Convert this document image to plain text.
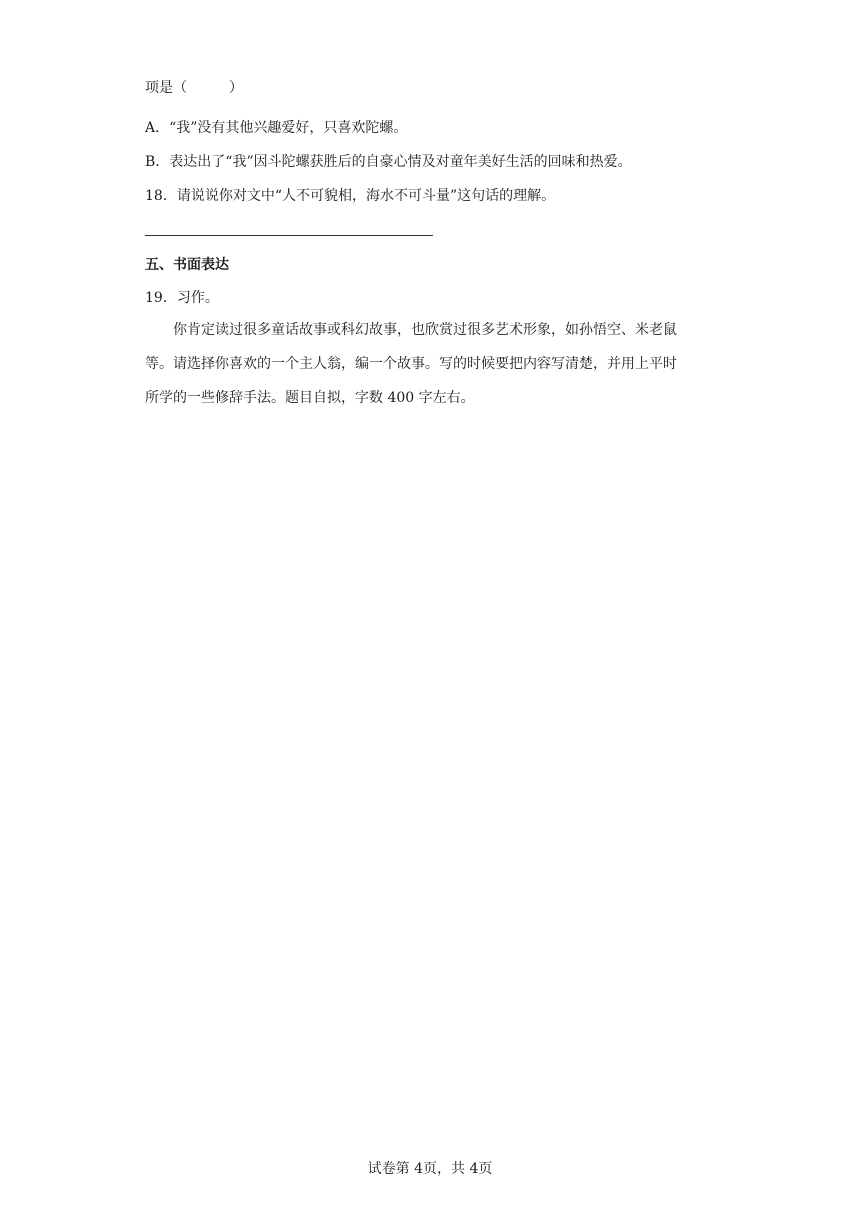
项是（　　　）
A．“我”没有其他兴趣爱好，只喜欢陀螺。
B．表达出了“我”因斗陀螺获胜后的自豪心情及对童年美好生活的回味和热爱。
18．请说说你对文中“人不可貌相，海水不可斗量”这句话的理解。
五、书面表达
19．习作。
　　你肯定读过很多童话故事或科幻故事，也欣赏过很多艺术形象，如孙悟空、米老鼠
等。请选择你喜欢的一个主人翁，编一个故事。写的时候要把内容写清楚，并用上平时
所学的一些修辞手法。题目自拟，字数 400 字左右。
试卷第 4页，共 4页
